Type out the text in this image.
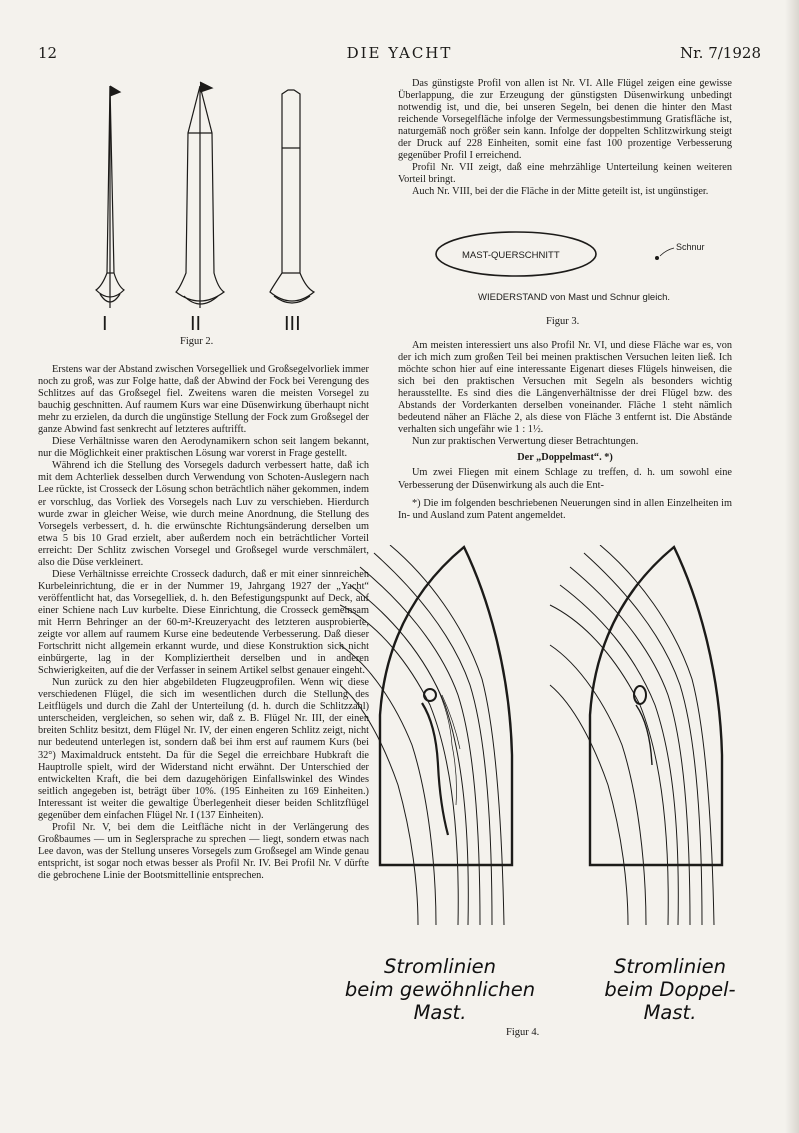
12	DIE YACHT	Nr. 7/1928
I	II	III
Figur 2.

Das günstigste Profil von allen ist Nr. VI. Alle Flügel zeigen eine gewisse Überlappung, die zur Erzeugung der günstigsten Düsenwirkung unbedingt notwendig ist, und die, bei unseren Segeln, bei denen die hinter den Mast reichende Vorsegelfläche infolge der Vermessungsbestimmung Gratisfläche ist, naturgemäß noch größer sein kann. Infolge der doppelten Schlitzwirkung steigt der Druck auf 228 Einheiten, somit eine fast 100 prozentige Verbesserung gegenüber Profil I erreichend.

Profil Nr. VII zeigt, daß eine mehrzählige Unterteilung keinen weiteren Vorteil bringt.

Auch Nr. VIII, bei der die Fläche in der Mitte geteilt ist, ist ungünstiger.

MAST-QUERSCHNITT
Schnur
WIEDERSTAND von Mast und Schnur gleich.
Figur 3.

Am meisten interessiert uns also Profil Nr. VI, und diese Fläche war es, von der ich mich zum großen Teil bei meinen praktischen Versuchen leiten ließ. Ich möchte schon hier auf eine interessante Eigenart dieses Flügels hinweisen, die sich bei den praktischen Versuchen mit Segeln als besonders wichtig herausstellte. Es sind dies die Längenverhältnisse der drei Flügel bzw. des Abstands der Vorderkanten derselben voneinander. Fläche 1 steht nämlich bedeutend näher an Fläche 2, als diese von Fläche 3 entfernt ist. Die Abstände verhalten sich ungefähr wie 1 : 1½.

Nun zur praktischen Verwertung dieser Betrachtungen.

Der „Doppelmast“. *)

Um zwei Fliegen mit einem Schlage zu treffen, d. h. um sowohl eine Verbesserung der Düsenwirkung als auch die Ent-

*) Die im folgenden beschriebenen Neuerungen sind in allen Einzelheiten im In- und Ausland zum Patent angemeldet.

Erstens war der Abstand zwischen Vorsegelliek und Großsegelvorliek immer noch zu groß, was zur Folge hatte, daß der Abwind der Fock bei Verengung des Schlitzes auf das Großsegel fiel. Zweitens waren die meisten Vorsegel zu bauchig geschnitten. Auf raumem Kurs war eine Düsenwirkung überhaupt nicht mehr zu erzielen, da durch die ungünstige Stellung der Fock zum Großsegel der ganze Abwind fast senkrecht auf letzteres auftrifft.

Diese Verhältnisse waren den Aerodynamikern schon seit langem bekannt, nur die Möglichkeit einer praktischen Lösung war vorerst in Frage gestellt.

Während ich die Stellung des Vorsegels dadurch verbessert hatte, daß ich mit dem Achterliek desselben durch Verwendung von Schoten-Auslegern nach Lee rückte, ist Crosseck der Lösung schon beträchtlich näher gekommen, indem er vorschlug, das Vorliek des Vorsegels nach Luv zu verschieben. Hierdurch wurde zwar in gleicher Weise, wie durch meine Anordnung, die Stellung des Vorsegels verbessert, d. h. die erwünschte Richtungsänderung derselben um etwa 5 bis 10 Grad erzielt, aber außerdem noch ein beträchtlicher Vorteil erreicht: Der Schlitz zwischen Vorsegel und Großsegel wurde verschmälert, also die Düse verkleinert.

Diese Verhältnisse erreichte Crosseck dadurch, daß er mit einer sinnreichen Kurbeleinrichtung, die er in der Nummer 19, Jahrgang 1927 der „Yacht“ veröffentlicht hat, das Vorsegelliek, d. h. den Befestigungspunkt auf Deck, auf einer Schiene nach Luv kurbelte. Diese Einrichtung, die Crosseck gemeinsam mit Herrn Behringer an der 60-m²-Kreuzeryacht des letzteren ausprobierte, zeigte vor allem auf raumem Kurse eine bedeutende Verbesserung. Daß dieser Fortschritt nicht allgemein erkannt wurde, und diese Konstruktion sich nicht einbürgerte, lag in der Kompliziertheit derselben und in anderen Schwierigkeiten, auf die der Verfasser in seinem Artikel selbst genauer eingeht.

Nun zurück zu den hier abgebildeten Flugzeugprofilen. Wenn wir diese verschiedenen Flügel, die sich im wesentlichen durch die Stellung des Leitflügels und durch die Zahl der Unterteilung (d. h. durch die Schlitzzahl) unterscheiden, vergleichen, so sehen wir, daß z. B. Flügel Nr. III, der einen breiten Schlitz besitzt, dem Flügel Nr. IV, der einen engeren Schlitz zeigt, nicht nur bedeutend unterlegen ist, sondern daß bei ihm erst auf raumem Kurs (bei 32°) Maximaldruck entsteht. Da für die Segel die erreichbare Hubkraft die Hauptrolle spielt, wird der Widerstand nicht erwähnt. Der Unterschied der entwickelten Kraft, die bei dem dazugehörigen Einfallswinkel des Windes seitlich angegeben ist, beträgt über 10%. (195 Einheiten zu 169 Einheiten.) Interessant ist weiter die gewaltige Überlegenheit dieser beiden Schlitzflügel gegenüber dem einfachen Flügel Nr. I (137 Einheiten).

Profil Nr. V, bei dem die Leitfläche nicht in der Verlängerung des Großbaumes — um in Seglersprache zu sprechen — liegt, sondern etwas nach Lee davon, was der Stellung unseres Vorsegels zum Großsegel am Winde genau entspricht, ist sogar noch etwas besser als Profil Nr. IV. Bei Profil Nr. V dürfte die gebrochene Linie der Bootsmittellinie entsprechen.

Stromlinien
beim gewöhnlichen
Mast.
Stromlinien
beim Doppel-
Mast.
Figur 4.
